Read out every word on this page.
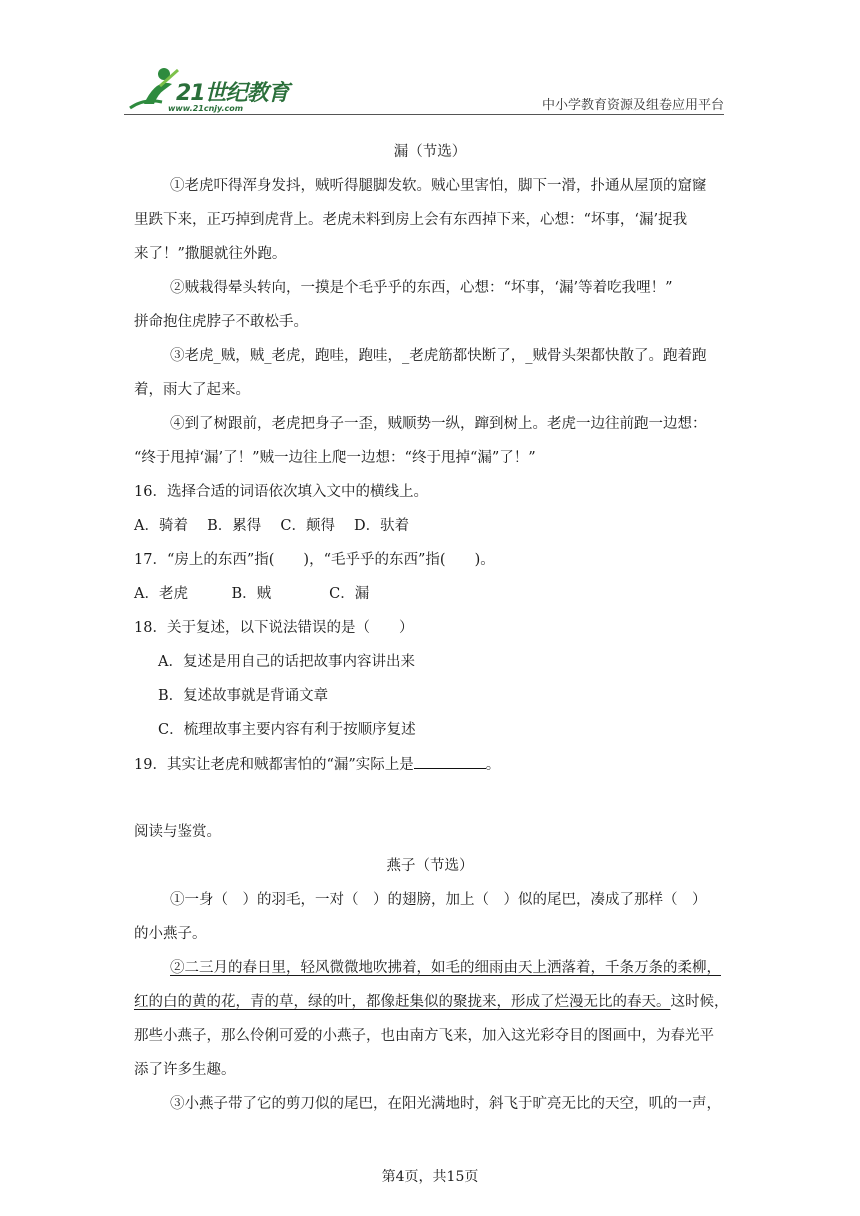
21世纪教育
www.21cnjy.com	中小学教育资源及组卷应用平台
漏（节选）
①老虎吓得浑身发抖，贼听得腿脚发软。贼心里害怕，脚下一滑，扑通从屋顶的窟窿
里跌下来，正巧掉到虎背上。老虎未料到房上会有东西掉下来，心想：“坏事，‘漏’捉我
来了！”撒腿就往外跑。
②贼栽得晕头转向，一摸是个毛乎乎的东西，心想：“坏事，‘漏’等着吃我哩！”
拼命抱住虎脖子不敢松手。
③老虎_贼，贼_老虎，跑哇，跑哇，_老虎筋都快断了，_贼骨头架都快散了。跑着跑
着，雨大了起来。
④到了树跟前，老虎把身子一歪，贼顺势一纵，蹿到树上。老虎一边往前跑一边想：
“终于甩掉‘漏’了！”贼一边往上爬一边想：“终于甩掉“漏”了！”
16．选择合适的词语依次填入文中的横线上。
A．骑着　 B．累得　 C．颠得　 D．驮着
17．“房上的东西”指(　　)，“毛乎乎的东西”指(　　)。
A．老虎　　　B．贼　　　　C．漏
18．关于复述，以下说法错误的是（　　）
A．复述是用自己的话把故事内容讲出来
B．复述故事就是背诵文章
C．梳理故事主要内容有利于按顺序复述
19．其实让老虎和贼都害怕的“漏”实际上是	。
阅读与鉴赏。
燕子（节选）
①一身（　）的羽毛，一对（　）的翅膀，加上（　）似的尾巴，凑成了那样（　）
的小燕子。
②二三月的春日里，轻风微微地吹拂着，如毛的细雨由天上洒落着，千条万条的柔柳，
红的白的黄的花，青的草，绿的叶，都像赶集似的聚拢来，形成了烂漫无比的春天。这时候，
那些小燕子，那么伶俐可爱的小燕子，也由南方飞来，加入这光彩夺目的图画中，为春光平
添了许多生趣。
③小燕子带了它的剪刀似的尾巴，在阳光满地时，斜飞于旷亮无比的天空，叽的一声，
第4页，共15页
